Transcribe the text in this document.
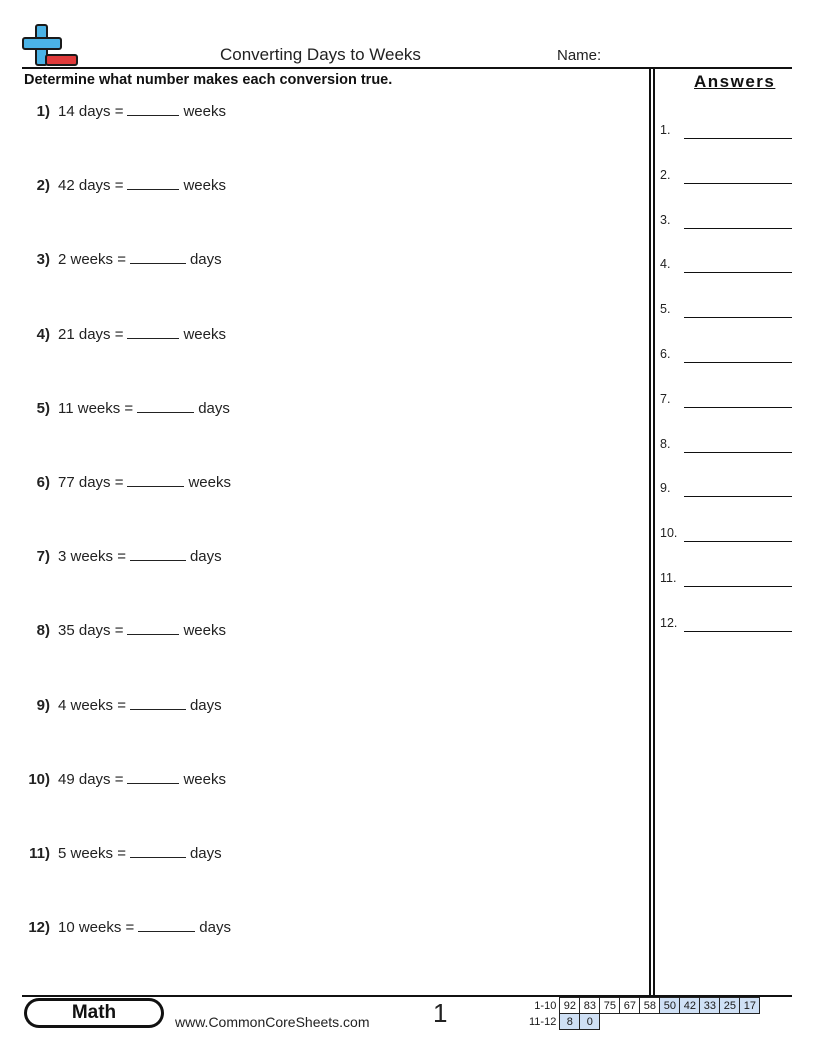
Converting Days to Weeks	Name:
Determine what number makes each conversion true.
1) 14 days =	weeks
2) 42 days =	weeks
3) 2 weeks =	days
4) 21 days =	weeks
5) 11 weeks =	days
6) 77 days =	weeks
7) 3 weeks =	days
8) 35 days =	weeks
9) 4 weeks =	days
10) 49 days =	weeks
11) 5 weeks =	days
12) 10 weeks =	days
Answers
1.
2.
3.
4.
5.
6.
7.
8.
9.
10.
11.
12.
Math	www.CommonCoreSheets.com 1	1-10	92	83	75	67	58	50	42	33	25	17
11-12	8	0								
